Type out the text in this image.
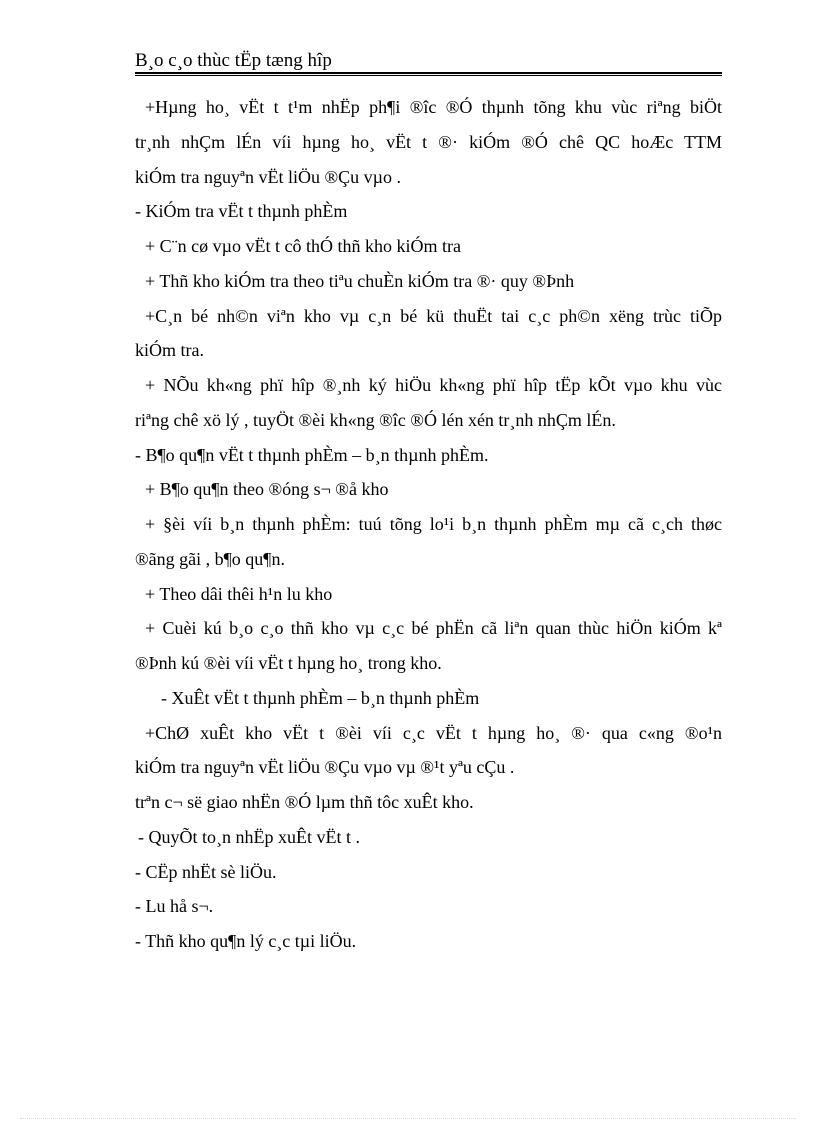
B¸o c¸o thùc tËp tæng hîp
+Hµng ho¸ vËt t t¹m nhËp ph¶i ®îc ®Ó thµnh tõng khu vùc riªng biÖt
tr¸nh nhÇm lÉn víi hµng ho¸ vËt t ®· kiÓm ®Ó chê QC hoÆc TTM
kiÓm tra nguyªn vËt liÖu ®Çu vµo .
- KiÓm tra vËt t thµnh phÈm
+ C¨n cø vµo vËt t cô thÓ thñ kho kiÓm tra
+ Thñ kho kiÓm tra theo tiªu chuÈn kiÓm tra ®· quy ®Þnh
+C¸n bé nh©n viªn kho vµ c¸n bé kü thuËt tai c¸c ph©n xëng trùc tiÕp
kiÓm tra.
+ NÕu kh«ng phï hîp ®¸nh ký hiÖu kh«ng phï hîp tËp kÕt vµo khu vùc
riªng chê xö lý , tuyÖt ®èi kh«ng ®îc ®Ó lén xén tr¸nh nhÇm lÉn.
- B¶o qu¶n vËt t thµnh phÈm – b¸n thµnh phÈm.
+ B¶o qu¶n theo ®óng s¬ ®å kho
+ §èi víi b¸n thµnh phÈm: tuú tõng lo¹i b¸n thµnh phÈm mµ cã c¸ch thøc
®ãng gãi , b¶o qu¶n.
+ Theo dâi thêi h¹n lu kho
+ Cuèi kú b¸o c¸o thñ kho vµ c¸c bé phËn cã liªn quan thùc hiÖn kiÓm kª
®Þnh kú ®èi víi vËt t hµng ho¸ trong kho.
- XuÊt vËt t thµnh phÈm – b¸n thµnh phÈm
+ChØ xuÊt kho vËt t ®èi víi c¸c vËt t hµng ho¸ ®· qua c«ng ®o¹n
kiÓm tra nguyªn vËt liÖu ®Çu vµo vµ ®¹t yªu cÇu .
trªn c¬ së giao nhËn ®Ó lµm thñ tôc xuÊt kho.
- QuyÕt to¸n nhËp xuÊt vËt t .
- CËp nhËt sè liÖu.
- Lu hå s¬.
- Thñ kho qu¶n lý c¸c tµi liÖu.
